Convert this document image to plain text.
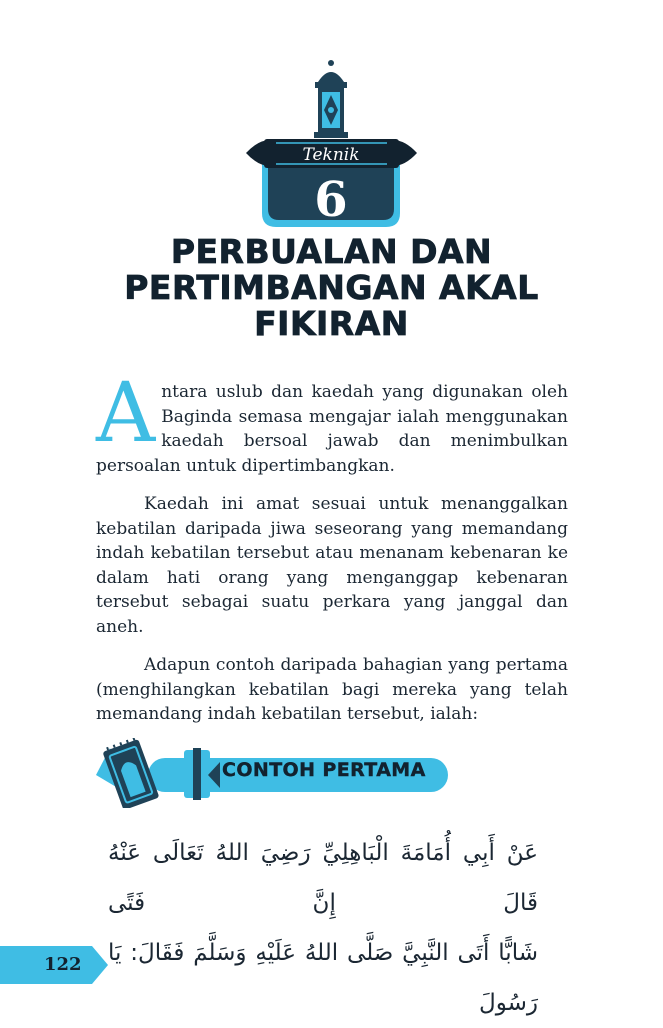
Teknik
6
PERBUALAN DAN
PERTIMBANGAN AKAL
FIKIRAN

Antara uslub dan kaedah yang digunakan oleh Baginda semasa mengajar ialah menggunakan kaedah bersoal jawab dan menimbulkan persoalan untuk dipertimbangkan.

Kaedah ini amat sesuai untuk menanggalkan kebatilan daripada jiwa seseorang yang memandang indah kebatilan tersebut atau menanam kebenaran ke dalam hati orang yang menganggap kebenaran tersebut sebagai suatu perkara yang janggal dan aneh.

Adapun contoh daripada bahagian yang pertama (menghilangkan kebatilan bagi mereka yang telah memandang indah kebatilan tersebut, ialah:

CONTOH PERTAMA

عَنْ أَبِي أُمَامَةَ الْبَاهِلِيِّ رَضِيَ اللهُ تَعَالَى عَنْهُ قَالَ إِنَّ فَتًى
شَابًّا أَتَى النَّبِيَّ صَلَّى اللهُ عَلَيْهِ وَسَلَّمَ فَقَالَ: يَا رَسُولَ

122
